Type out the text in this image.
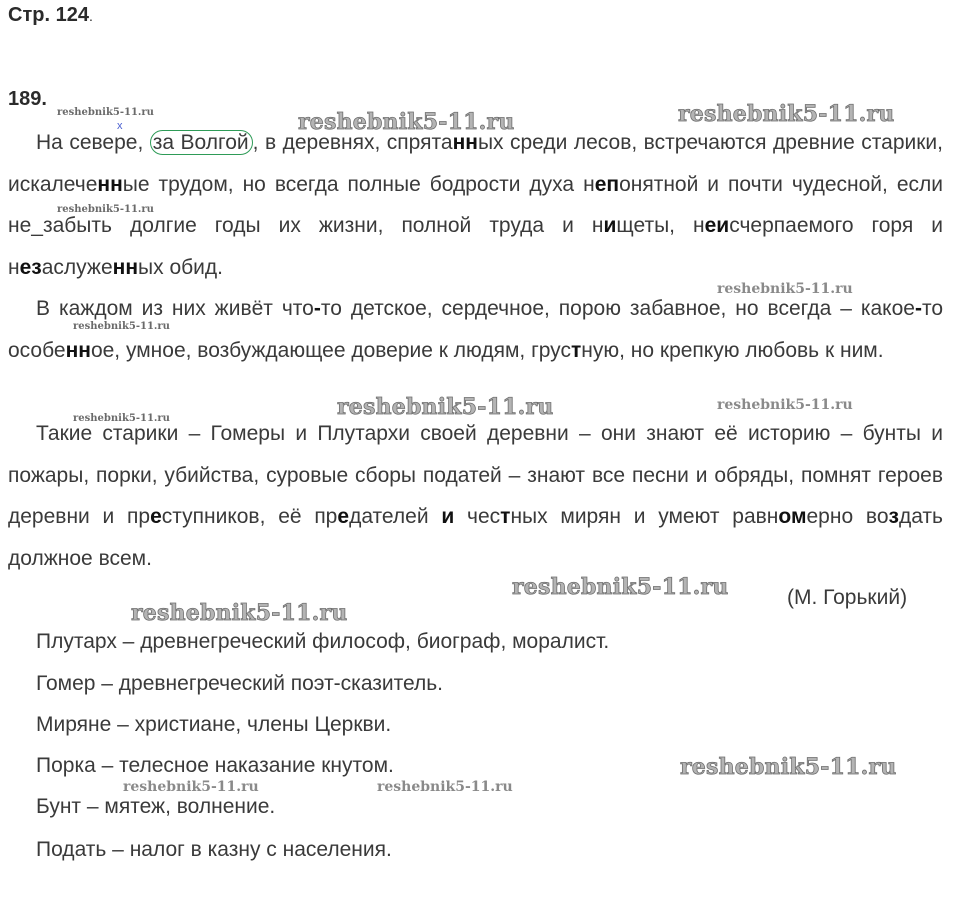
Стр. 124.
189.
x

На севере, за Волгой , в деревнях, спрятанных среди лесов, встречаются древние старики, искалеченные трудом, но всегда полные бодрости духа непонятной и почти чудесной, если не_забыть долгие годы их жизни, полной труда и нищеты, неисчерпаемого горя и незаслуженных обид.

В каждом из них живёт что-то детское, сердечное, порою забавное, но всегда – какое-то особенное, умное, возбуждающее доверие к людям, грустную, но крепкую любовь к ним.

Такие старики – Гомеры и Плутархи своей деревни – они знают её историю – бунты и пожары, порки, убийства, суровые сборы податей – знают все песни и обряды, помнят героев деревни и преступников, её предателей и честных мирян и умеют равномерно воздать должное всем.

(М. Горький)
Плутарх – древнегреческий философ, биограф, моралист.
Гомер – древнегреческий поэт-сказитель.
Миряне – христиане, члены Церкви.
Порка – телесное наказание кнутом.
Бунт – мятеж, волнение.
Подать – налог в казну с населения.
reshebnik5-11.ru	reshebnik5-11.ru	reshebnik5-11.ru
reshebnik5-11.ru
reshebnik5-11.ru
reshebnik5-11.ru
reshebnik5-11.ru	reshebnik5-11.ru
reshebnik5-11.ru
reshebnik5-11.ru
reshebnik5-11.ru
reshebnik5-11.ru
reshebnik5-11.ru	reshebnik5-11.ru
